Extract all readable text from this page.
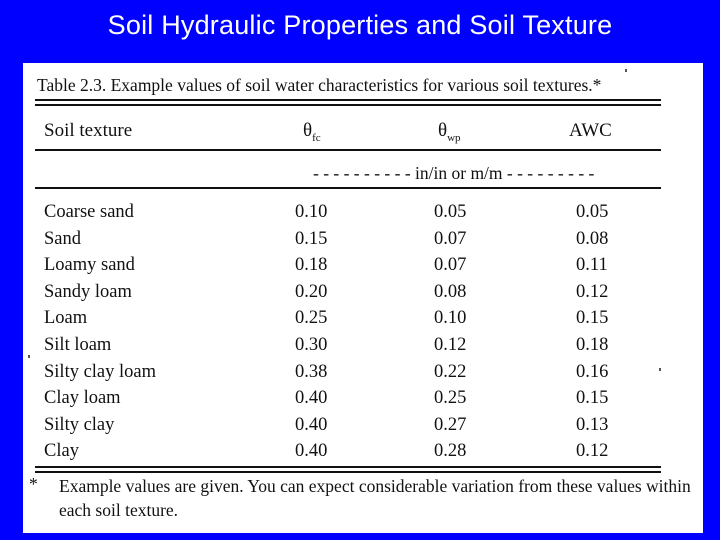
Soil Hydraulic Properties and Soil Texture
Table 2.3. Example values of soil water characteristics for various soil textures.*
Soil texture	$\theta_{fc}$	$\theta_{wp}$	AWC
- - - - - - - - - - in/in or m/m - - - - - - - - -
Coarse sand	0.10	0.05	0.05
Sand	0.15	0.07	0.08
Loamy sand	0.18	0.07	0.11
Sandy loam	0.20	0.08	0.12
Loam	0.25	0.10	0.15
Silt loam	0.30	0.12	0.18
Silty clay loam	0.38	0.22	0.16
Clay loam	0.40	0.25	0.15
Silty clay	0.40	0.27	0.13
Clay	0.40	0.28	0.12
* Example values are given. You can expect considerable variation from these values within each soil texture.
